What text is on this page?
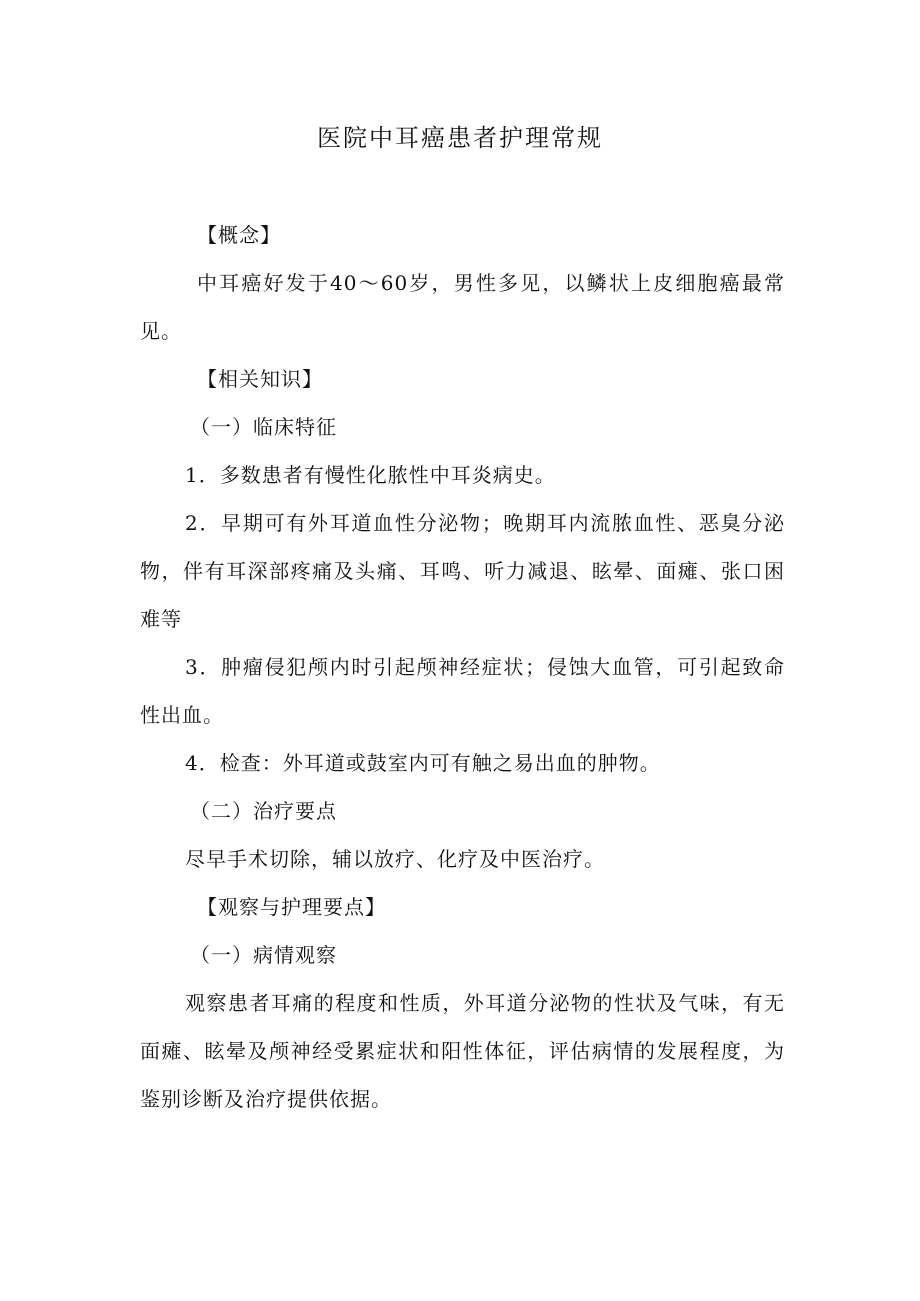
医院中耳癌患者护理常规

【概念】

中耳癌好发于40～60岁，男性多见，以鳞状上皮细胞癌最常见。

【相关知识】

（一）临床特征

1．多数患者有慢性化脓性中耳炎病史。

2．早期可有外耳道血性分泌物；晚期耳内流脓血性、恶臭分泌物，伴有耳深部疼痛及头痛、耳鸣、听力减退、眩晕、面瘫、张口困难等

3．肿瘤侵犯颅内时引起颅神经症状；侵蚀大血管，可引起致命性出血。

4．检查：外耳道或鼓室内可有触之易出血的肿物。

（二）治疗要点

尽早手术切除，辅以放疗、化疗及中医治疗。

【观察与护理要点】

（一）病情观察

观察患者耳痛的程度和性质，外耳道分泌物的性状及气味，有无面瘫、眩晕及颅神经受累症状和阳性体征，评估病情的发展程度，为鉴别诊断及治疗提供依据。
